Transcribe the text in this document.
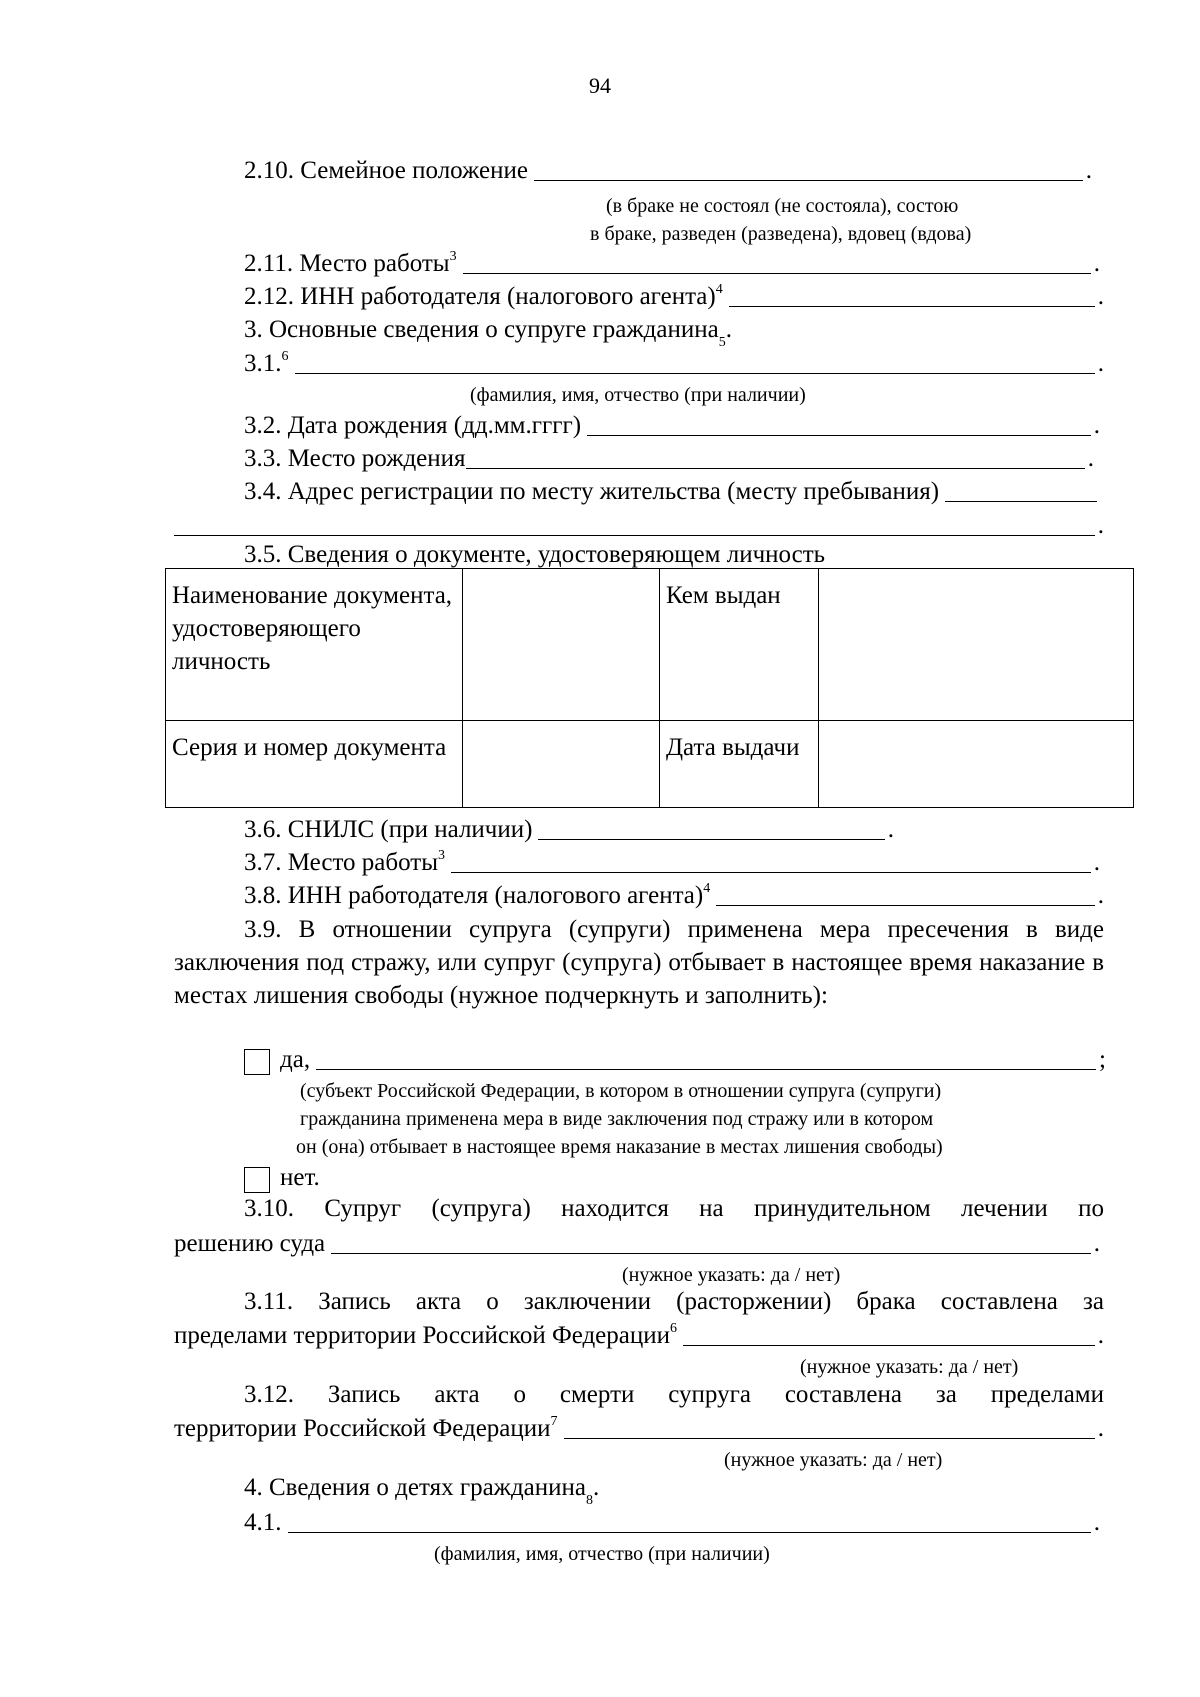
94
2.10. Семейное положение	.
(в браке не состоял (не состояла), состою
в браке, разведен (разведена), вдовец (вдова)
2.11. Место работы$^3$	.
2.12. ИНН работодателя (налогового агента)$^4$	.
3. Основные сведения о супруге гражданина$^5$ .
3.1.$^6$	.
(фамилия, имя, отчество (при наличии)
3.2. Дата рождения (дд.мм.гггг)	.
3.3. Место рождения	.
3.4. Адрес регистрации по месту жительства (месту пребывания)
.
3.5. Сведения о документе, удостоверяющем личность
Наименование документа, удостоверяющего личность		Кем выдан	
Серия и номер документа		Дата выдачи	
3.6. СНИЛС (при наличии)	.
3.7. Место работы$^3$	.
3.8. ИНН работодателя (налогового агента)$^4$	.
3.9. В отношении супруга (супруги) применена мера пресечения в виде заключения под стражу, или супруг (супруга) отбывает в настоящее время наказание в местах лишения свободы (нужное подчеркнуть и заполнить):
да,	;
(субъект Российской Федерации, в котором в отношении супруга (супруги)
гражданина применена мера в виде заключения под стражу или в котором
он (она) отбывает в настоящее время наказание в местах лишения свободы)
нет.
3.10. Супруг (супруга) находится на принудительном лечении по
решению суда	.
(нужное указать: да / нет)
3.11. Запись акта о заключении (расторжении) брака составлена за
пределами территории Российской Федерации$^6$	.
(нужное указать: да / нет)
3.12. Запись акта о смерти супруга составлена за пределами
территории Российской Федерации$^7$	.
(нужное указать: да / нет)
4. Сведения о детях гражданина$^8$ .
4.1.	.
(фамилия, имя, отчество (при наличии)
